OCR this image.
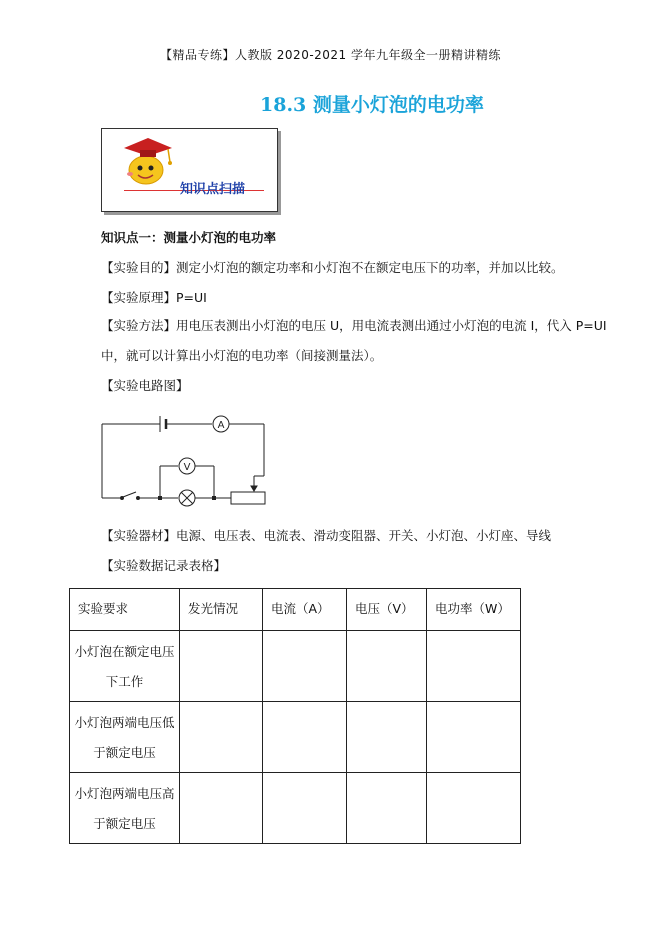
【精品专练】人教版 2020-2021 学年九年级全一册精讲精练
18.3 测量小灯泡的电功率
知识点扫描
知识点一：测量小灯泡的电功率
【实验目的】测定小灯泡的额定功率和小灯泡不在额定电压下的功率，并加以比较。
【实验原理】P=UI
【实验方法】用电压表测出小灯泡的电压 U，用电流表测出通过小灯泡的电流 I，代入 P=UI
中，就可以计算出小灯泡的电功率（间接测量法）。
【实验电路图】
A
V
【实验器材】电源、电压表、电流表、滑动变阻器、开关、小灯泡、小灯座、导线
【实验数据记录表格】
实验要求	发光情况	电流（A）	电压（V）	电功率（W）

小灯泡在额定电压
下工作				

小灯泡两端电压低
于额定电压				

小灯泡两端电压高
于额定电压				
